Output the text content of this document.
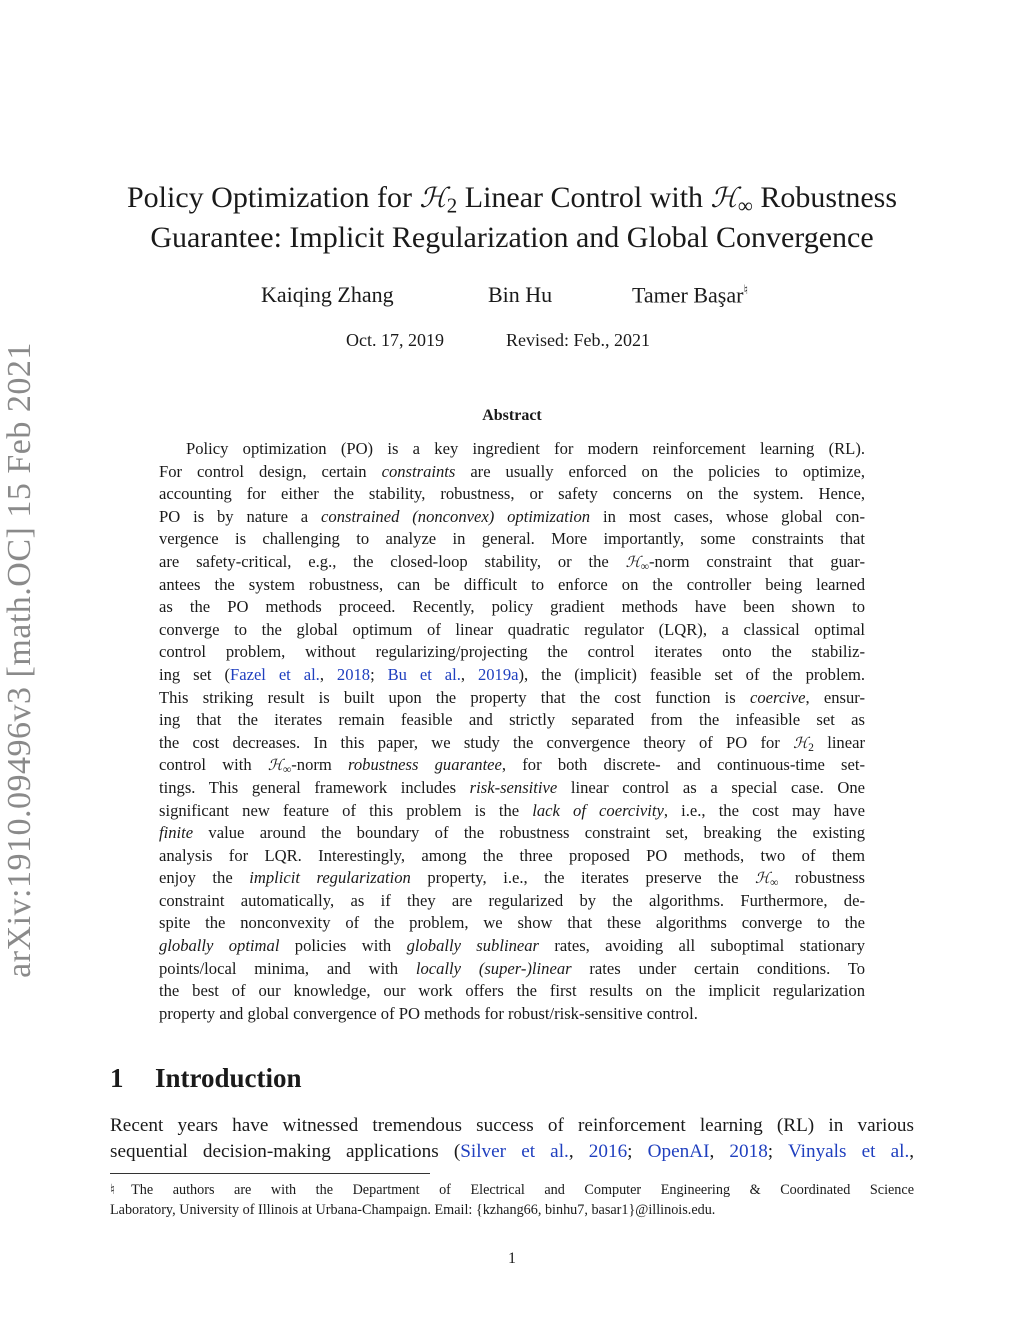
arXiv:1910.09496v3 [math.OC] 15 Feb 2021
Policy Optimization for ℋ$_2$ Linear Control with ℋ$_\infty$ Robustness
Guarantee: Implicit Regularization and Global Convergence
Kaiqing Zhang	Bin Hu	Tamer Başar♮
Oct. 17, 2019	Revised: Feb., 2021
Abstract
Policy optimization (PO) is a key ingredient for modern reinforcement learning (RL).
For control design, certain constraints are usually enforced on the policies to optimize,
accounting for either the stability, robustness, or safety concerns on the system. Hence,
PO is by nature a constrained (nonconvex) optimization in most cases, whose global con-
vergence is challenging to analyze in general. More importantly, some constraints that
are safety-critical, e.g., the closed-loop stability, or the ℋ$_\infty$-norm constraint that guar-
antees the system robustness, can be difficult to enforce on the controller being learned
as the PO methods proceed. Recently, policy gradient methods have been shown to
converge to the global optimum of linear quadratic regulator (LQR), a classical optimal
control problem, without regularizing/projecting the control iterates onto the stabiliz-
ing set (Fazel et al., 2018; Bu et al., 2019a), the (implicit) feasible set of the problem.
This striking result is built upon the property that the cost function is coercive, ensur-
ing that the iterates remain feasible and strictly separated from the infeasible set as
the cost decreases. In this paper, we study the convergence theory of PO for ℋ$_2$ linear
control with ℋ$_\infty$-norm robustness guarantee, for both discrete- and continuous-time set-
tings. This general framework includes risk-sensitive linear control as a special case. One
significant new feature of this problem is the lack of coercivity, i.e., the cost may have
finite value around the boundary of the robustness constraint set, breaking the existing
analysis for LQR. Interestingly, among the three proposed PO methods, two of them
enjoy the implicit regularization property, i.e., the iterates preserve the ℋ$_\infty$ robustness
constraint automatically, as if they are regularized by the algorithms. Furthermore, de-
spite the nonconvexity of the problem, we show that these algorithms converge to the
globally optimal policies with globally sublinear rates, avoiding all suboptimal stationary
points/local minima, and with locally (super-)linear rates under certain conditions. To
the best of our knowledge, our work offers the first results on the implicit regularization
property and global convergence of PO methods for robust/risk-sensitive control.
1 Introduction
Recent years have witnessed tremendous success of reinforcement learning (RL) in various
sequential decision-making applications (Silver et al., 2016; OpenAI, 2018; Vinyals et al.,
♮The authors are with the Department of Electrical and Computer Engineering & Coordinated Science
Laboratory, University of Illinois at Urbana-Champaign. Email: {kzhang66, binhu7, basar1}@illinois.edu.
1
